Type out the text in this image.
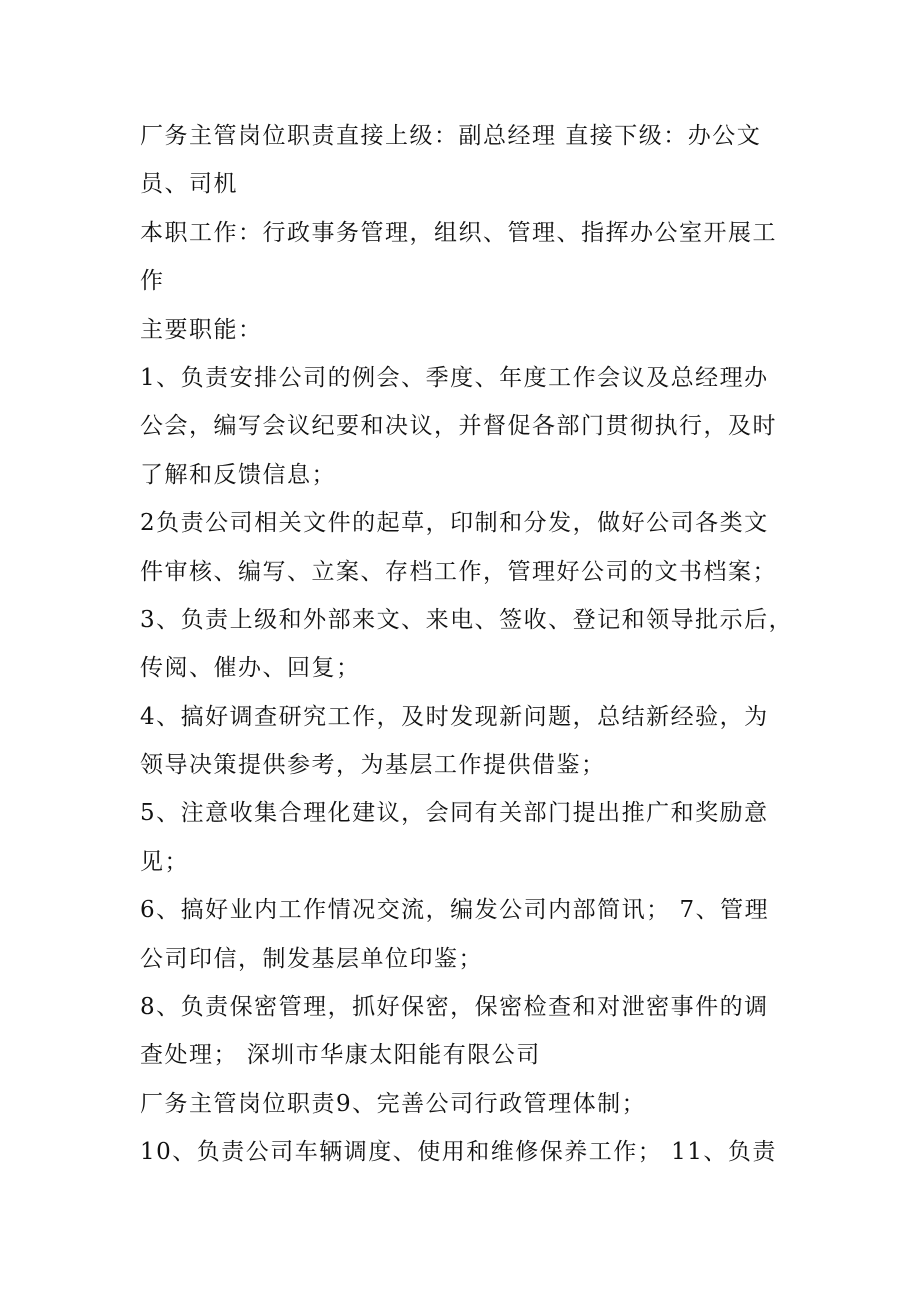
厂务主管岗位职责直接上级：副总经理 直接下级：办公文
员、司机
本职工作：行政事务管理，组织、管理、指挥办公室开展工
作
主要职能：
1、负责安排公司的例会、季度、年度工作会议及总经理办
公会，编写会议纪要和决议，并督促各部门贯彻执行，及时
了解和反馈信息；
2负责公司相关文件的起草，印制和分发，做好公司各类文
件审核、编写、立案、存档工作，管理好公司的文书档案；
3、负责上级和外部来文、来电、签收、登记和领导批示后，
传阅、催办、回复；
4、搞好调查研究工作，及时发现新问题，总结新经验，为
领导决策提供参考，为基层工作提供借鉴；
5、注意收集合理化建议，会同有关部门提出推广和奖励意
见；
6、搞好业内工作情况交流，编发公司内部简讯； 7、管理
公司印信，制发基层单位印鉴；
8、负责保密管理，抓好保密，保密检查和对泄密事件的调
查处理； 深圳市华康太阳能有限公司
厂务主管岗位职责9、完善公司行政管理体制；
10、负责公司车辆调度、使用和维修保养工作； 11、负责
